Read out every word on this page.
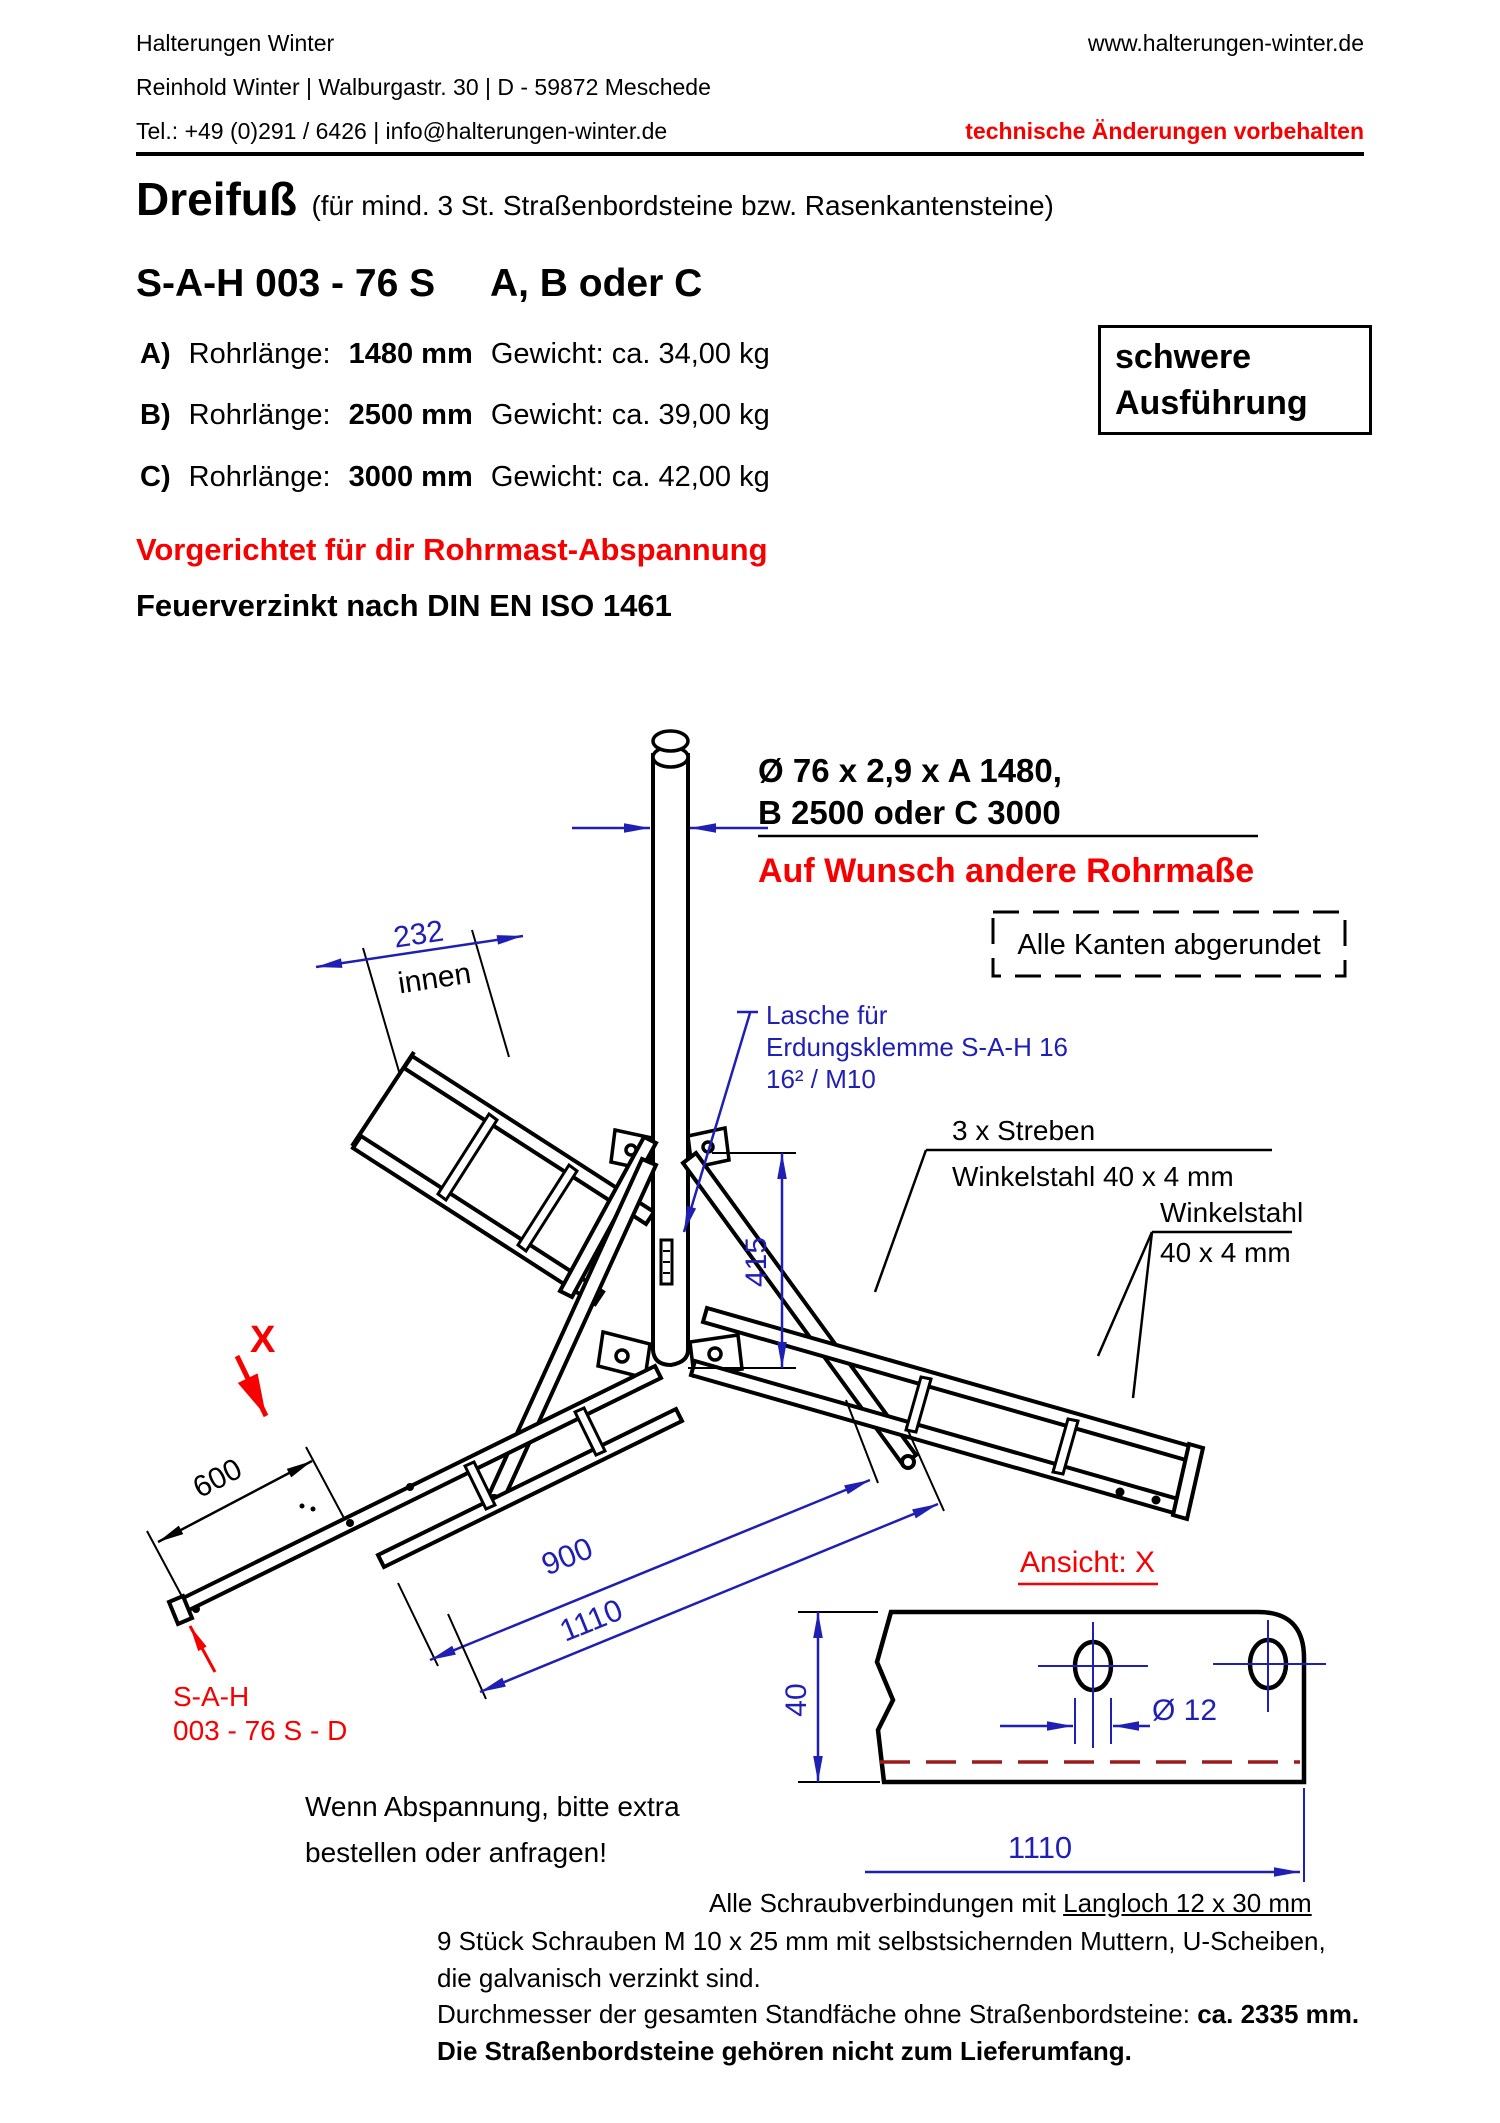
Halterungen Winter
Reinhold Winter | Walburgastr. 30 | D - 59872 Meschede
Tel.: +49 (0)291 / 6426 | info@halterungen-winter.de
www.halterungen-winter.de
technische Änderungen vorbehalten
Dreifuß (für mind. 3 St. Straßenbordsteine bzw. Rasenkantensteine)
S-A-H 003 - 76 S A, B oder C
A) Rohrlänge: 1480 mm Gewicht: ca. 34,00 kg
B) Rohrlänge: 2500 mm Gewicht: ca. 39,00 kg
C) Rohrlänge: 3000 mm Gewicht: ca. 42,00 kg
schwere
Ausführung
Vorgerichtet für dir Rohrmast-Abspannung
Feuerverzinkt nach DIN EN ISO 1461
Ø 76 x 2,9 x A 1480,
B 2500 oder C 3000
Auf Wunsch andere Rohrmaße
Alle Kanten abgerundet
232
innen
Lasche für
Erdungsklemme S-A-H 16
16² / M10
3 x Streben
Winkelstahl 40 x 4 mm
Winkelstahl
40 x 4 mm
415
X
600
900
1110
S-A-H
003 - 76 S - D
Wenn Abspannung, bitte extra
bestellen oder anfragen!
Ansicht: X
Ø 12
40
1110
Alle Schraubverbindungen mit Langloch 12 x 30 mm
9 Stück Schrauben M 10 x 25 mm mit selbstsichernden Muttern, U-Scheiben,
die galvanisch verzinkt sind.
Durchmesser der gesamten Standfäche ohne Straßenbordsteine: ca. 2335 mm.
Die Straßenbordsteine gehören nicht zum Lieferumfang.
